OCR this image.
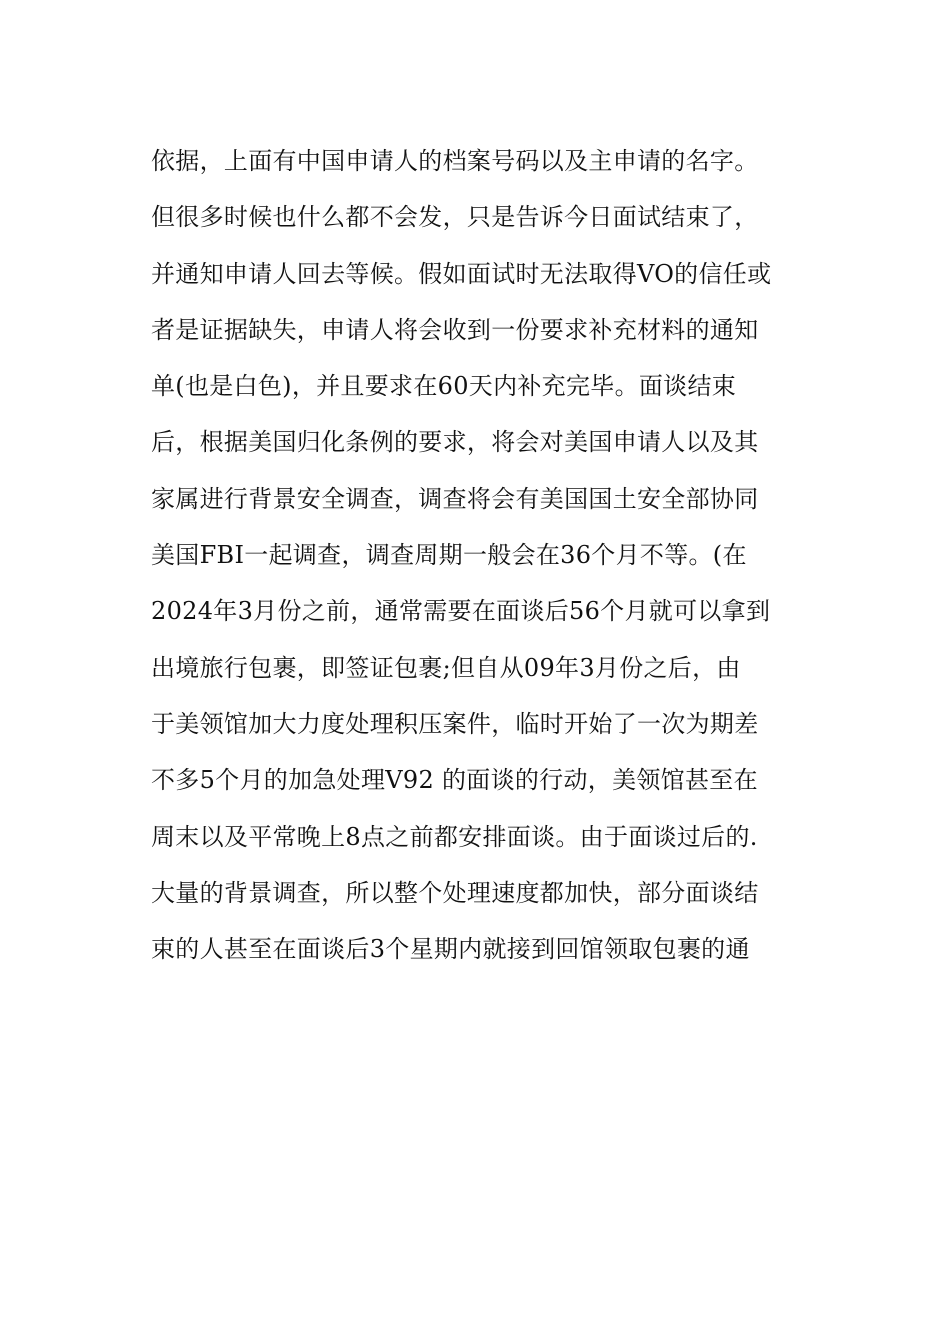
依据，上面有中国申请人的档案号码以及主申请的名字。
但很多时候也什么都不会发，只是告诉今日面试结束了，
并通知申请人回去等候。假如面试时无法取得VO的信任或
者是证据缺失，申请人将会收到一份要求补充材料的通知
单(也是白色)，并且要求在60天内补充完毕。面谈结束
后，根据美国归化条例的要求，将会对美国申请人以及其
家属进行背景安全调查，调查将会有美国国土安全部协同
美国FBI一起调查，调查周期一般会在36个月不等。(在
2024年3月份之前，通常需要在面谈后56个月就可以拿到
出境旅行包裹，即签证包裹;但自从09年3月份之后，由
于美领馆加大力度处理积压案件，临时开始了一次为期差
不多5个月的加急处理V92 的面谈的行动，美领馆甚至在
周末以及平常晚上8点之前都安排面谈。由于面谈过后的.
大量的背景调查，所以整个处理速度都加快，部分面谈结
束的人甚至在面谈后3个星期内就接到回馆领取包裹的通
